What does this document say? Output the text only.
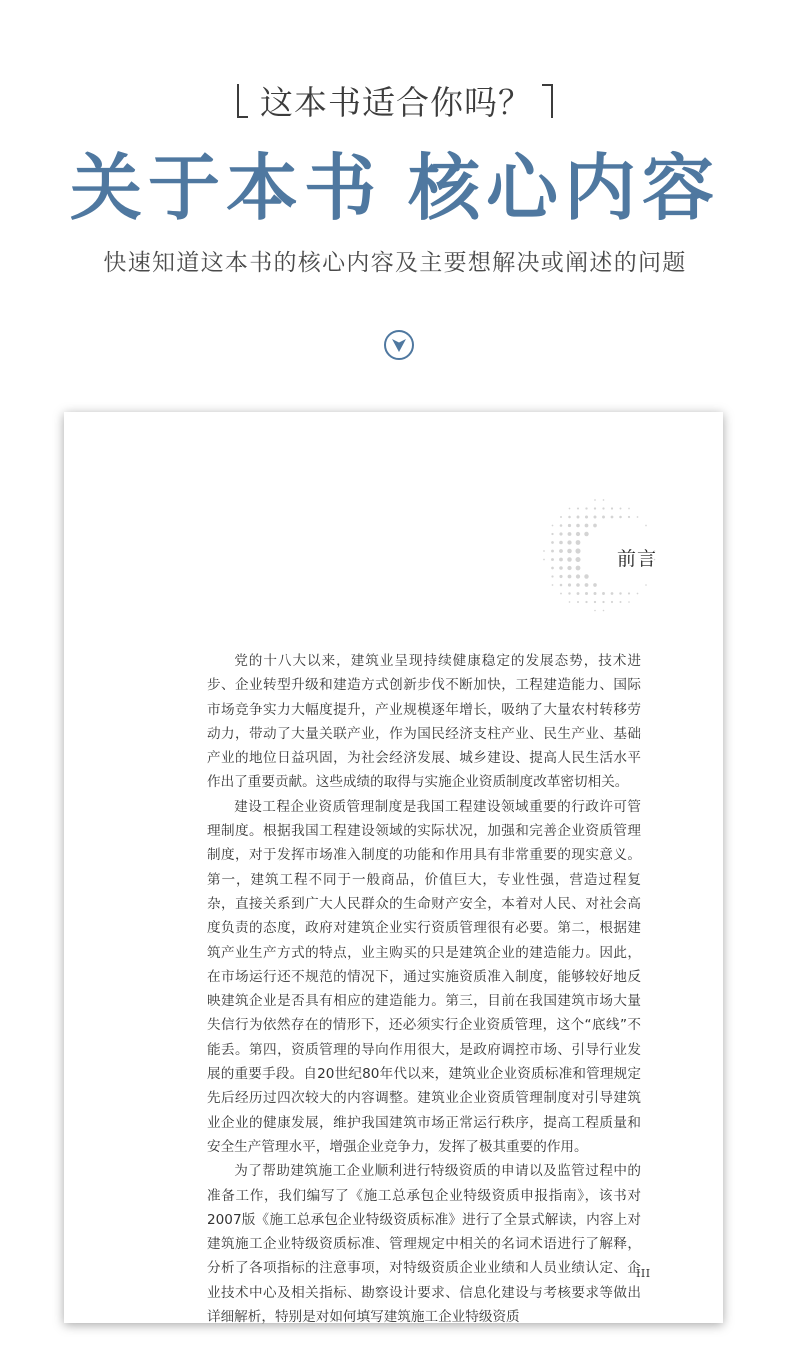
这本书适合你吗？
关于本书 核心内容
快速知道这本书的核心内容及主要想解决或阐述的问题
前言

党的十八大以来，建筑业呈现持续健康稳定的发展态势，技术进步、企业转型升级和建造方式创新步伐不断加快，工程建造能力、国际市场竞争实力大幅度提升，产业规模逐年增长，吸纳了大量农村转移劳动力，带动了大量关联产业，作为国民经济支柱产业、民生产业、基础产业的地位日益巩固，为社会经济发展、城乡建设、提高人民生活水平作出了重要贡献。这些成绩的取得与实施企业资质制度改革密切相关。

建设工程企业资质管理制度是我国工程建设领域重要的行政许可管理制度。根据我国工程建设领域的实际状况，加强和完善企业资质管理制度，对于发挥市场准入制度的功能和作用具有非常重要的现实意义。第一，建筑工程不同于一般商品，价值巨大，专业性强，营造过程复杂，直接关系到广大人民群众的生命财产安全，本着对人民、对社会高度负责的态度，政府对建筑企业实行资质管理很有必要。第二，根据建筑产业生产方式的特点，业主购买的只是建筑企业的建造能力。因此，在市场运行还不规范的情况下，通过实施资质准入制度，能够较好地反映建筑企业是否具有相应的建造能力。第三，目前在我国建筑市场大量失信行为依然存在的情形下，还必须实行企业资质管理，这个“底线”不能丢。第四，资质管理的导向作用很大，是政府调控市场、引导行业发展的重要手段。自20世纪80年代以来，建筑业企业资质标准和管理规定先后经历过四次较大的内容调整。建筑业企业资质管理制度对引导建筑业企业的健康发展，维护我国建筑市场正常运行秩序，提高工程质量和安全生产管理水平，增强企业竞争力，发挥了极其重要的作用。

为了帮助建筑施工企业顺利进行特级资质的申请以及监管过程中的准备工作，我们编写了《施工总承包企业特级资质申报指南》，该书对2007版《施工总承包企业特级资质标准》进行了全景式解读，内容上对建筑施工企业特级资质标准、管理规定中相关的名词术语进行了解释，分析了各项指标的注意事项，对特级资质企业业绩和人员业绩认定、企业技术中心及相关指标、勘察设计要求、信息化建设与考核要求等做出详细解析，特别是对如何填写建筑施工企业特级资质

III
